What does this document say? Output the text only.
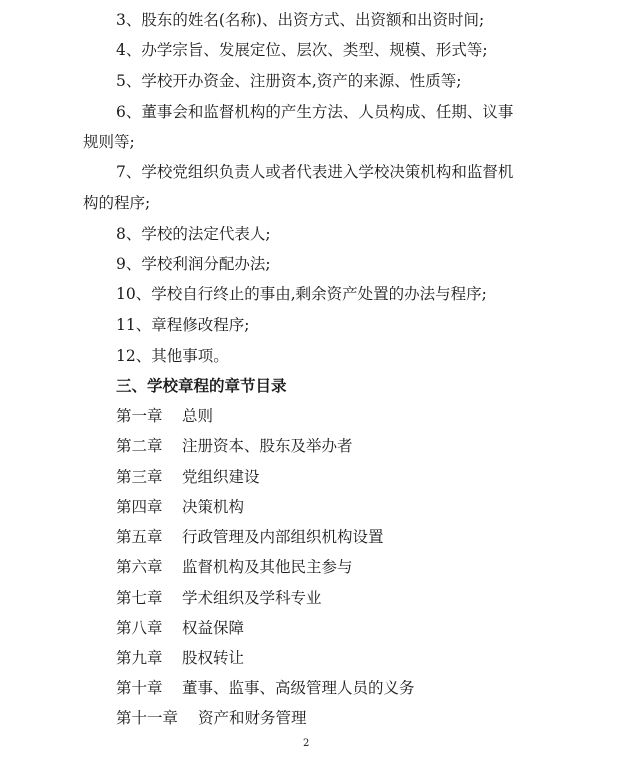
3、股东的姓名(名称)、出资方式、出资额和出资时间;
4、办学宗旨、发展定位、层次、类型、规模、形式等;
5、学校开办资金、注册资本,资产的来源、性质等;
6、董事会和监督机构的产生方法、人员构成、任期、议事
规则等;
7、学校党组织负责人或者代表进入学校决策机构和监督机
构的程序;
8、学校的法定代表人;
9、学校利润分配办法;
10、学校自行终止的事由,剩余资产处置的办法与程序;
11、章程修改程序;
12、其他事项。
三、学校章程的章节目录
第一章 总则
第二章 注册资本、股东及举办者
第三章 党组织建设
第四章 决策机构
第五章 行政管理及内部组织机构设置
第六章 监督机构及其他民主参与
第七章 学术组织及学科专业
第八章 权益保障
第九章 股权转让
第十章 董事、监事、高级管理人员的义务
第十一章 资产和财务管理
2
